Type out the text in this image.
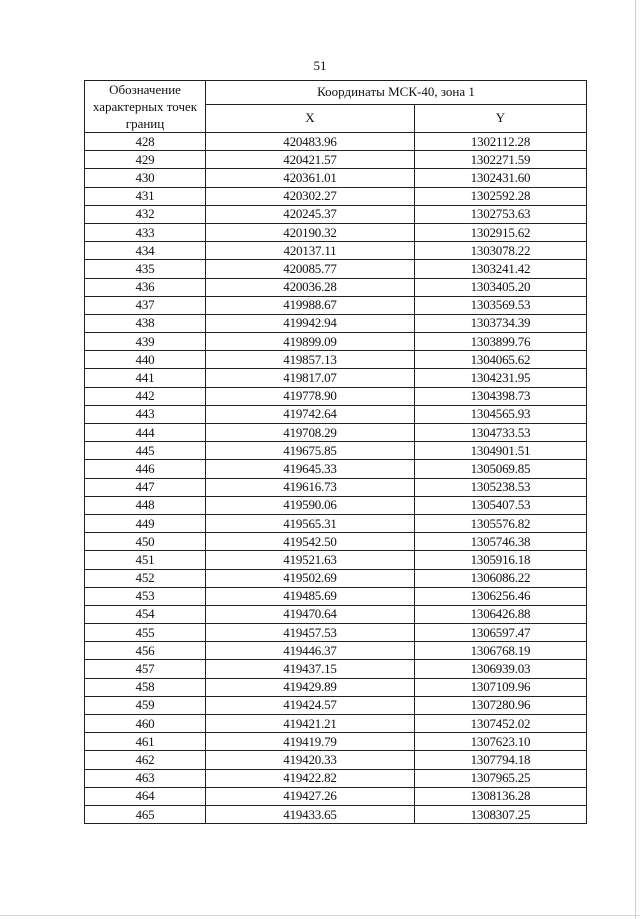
51
Обозначение характерных точек границ	Координаты МСК-40, зона 1	
	X	Y
428	420483.96	1302112.28
429	420421.57	1302271.59
430	420361.01	1302431.60
431	420302.27	1302592.28
432	420245.37	1302753.63
433	420190.32	1302915.62
434	420137.11	1303078.22
435	420085.77	1303241.42
436	420036.28	1303405.20
437	419988.67	1303569.53
438	419942.94	1303734.39
439	419899.09	1303899.76
440	419857.13	1304065.62
441	419817.07	1304231.95
442	419778.90	1304398.73
443	419742.64	1304565.93
444	419708.29	1304733.53
445	419675.85	1304901.51
446	419645.33	1305069.85
447	419616.73	1305238.53
448	419590.06	1305407.53
449	419565.31	1305576.82
450	419542.50	1305746.38
451	419521.63	1305916.18
452	419502.69	1306086.22
453	419485.69	1306256.46
454	419470.64	1306426.88
455	419457.53	1306597.47
456	419446.37	1306768.19
457	419437.15	1306939.03
458	419429.89	1307109.96
459	419424.57	1307280.96
460	419421.21	1307452.02
461	419419.79	1307623.10
462	419420.33	1307794.18
463	419422.82	1307965.25
464	419427.26	1308136.28
465	419433.65	1308307.25
